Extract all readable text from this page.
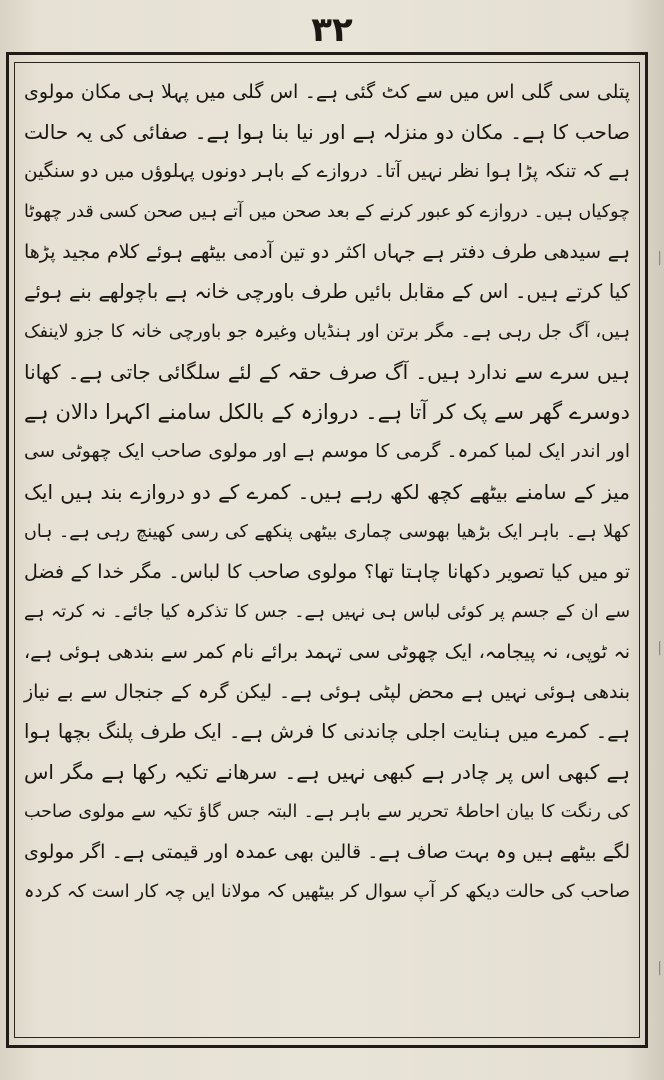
۳۲
پتلی سی گلی اس میں سے کٹ گئی ہے۔ اس گلی میں پہلا ہی مکان مولوی
صاحب کا ہے۔ مکان دو منزلہ ہے اور نیا بنا ہوا ہے۔ صفائی کی یہ حالت
ہے کہ تنکہ پڑا ہوا نظر نہیں آتا۔ دروازے کے باہر دونوں پہلوؤں میں دو سنگین
چوکیاں ہیں۔ دروازے کو عبور کرنے کے بعد صحن میں آتے ہیں صحن کسی قدر چھوٹا
ہے سیدھی طرف دفتر ہے جہاں اکثر دو تین آدمی بیٹھے ہوئے کلام مجید پڑھا
کیا کرتے ہیں۔ اس کے مقابل بائیں طرف باورچی خانہ ہے باچولھے بنے ہوئے
ہیں، آگ جل رہی ہے۔ مگر برتن اور ہنڈیاں وغیرہ جو باورچی خانہ کا جزو لاینفک
ہیں سرے سے ندارد ہیں۔ آگ صرف حقہ کے لئے سلگائی جاتی ہے۔ کھانا
دوسرے گھر سے پک کر آتا ہے۔ دروازہ کے بالکل سامنے اکہرا دالان ہے
اور اندر ایک لمبا کمرہ۔ گرمی کا موسم ہے اور مولوی صاحب ایک چھوٹی سی
میز کے سامنے بیٹھے کچھ لکھ رہے ہیں۔ کمرے کے دو دروازے بند ہیں ایک
کھلا ہے۔ باہر ایک بڑھیا بھوسی چماری بیٹھی پنکھے کی رسی کھینچ رہی ہے۔ ہاں
تو میں کیا تصویر دکھانا چاہتا تھا؟ مولوی صاحب کا لباس۔ مگر خدا کے فضل
سے ان کے جسم پر کوئی لباس ہی نہیں ہے۔ جس کا تذکرہ کیا جائے۔ نہ کرتہ ہے
نہ ٹوپی، نہ پیجامہ، ایک چھوٹی سی تہمد برائے نام کمر سے بندھی ہوئی ہے،
بندھی ہوئی نہیں ہے محض لپٹی ہوئی ہے۔ لیکن گرہ کے جنجال سے بے نیاز
ہے۔ کمرے میں ہنایت اجلی چاندنی کا فرش ہے۔ ایک طرف پلنگ بچھا ہوا
ہے کبھی اس پر چادر ہے کبھی نہیں ہے۔ سرھانے تکیہ رکھا ہے مگر اس
کی رنگت کا بیان احاطۂ تحریر سے باہر ہے۔ البتہ جس گاؤ تکیہ سے مولوی صاحب
لگے بیٹھے ہیں وہ بہت صاف ہے۔ قالین بھی عمدہ اور قیمتی ہے۔ اگر مولوی
صاحب کی حالت دیکھ کر آپ سوال کر بیٹھیں کہ مولانا ایں چہ کار است کہ کردہ
|
|
|
